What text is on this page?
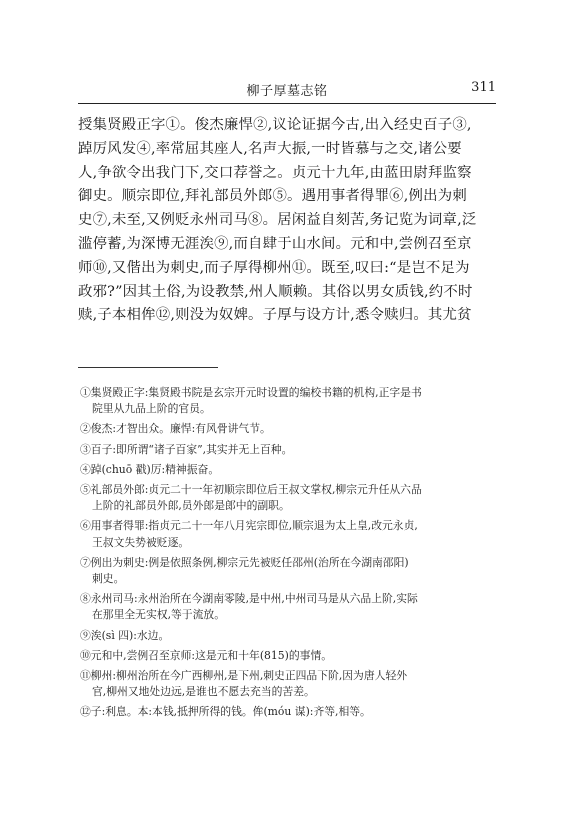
柳子厚墓志铭	311
授集贤殿正字①。俊杰廉悍②,议论证据今古,出入经史百子③,
踔厉风发④,率常屈其座人,名声大振,一时皆慕与之交,诸公要
人,争欲令出我门下,交口荐誉之。贞元十九年,由蓝田尉拜监察
御史。顺宗即位,拜礼部员外郎⑤。遇用事者得罪⑥,例出为刺
史⑦,未至,又例贬永州司马⑧。居闲益自刻苦,务记览为词章,泛
滥停蓄,为深博无涯涘⑨,而自肆于山水间。元和中,尝例召至京
师⑩,又偕出为刺史,而子厚得柳州⑪。既至,叹曰:“是岂不足为
政邪?”因其土俗,为设教禁,州人顺赖。其俗以男女质钱,约不时
赎,子本相侔⑫,则没为奴婢。子厚与设方计,悉令赎归。其尤贫
①集贤殿正字:集贤殿书院是玄宗开元时设置的编校书籍的机构,正字是书
院里从九品上阶的官员。
②俊杰:才智出众。廉悍:有风骨讲气节。
③百子:即所谓“诸子百家”,其实并无上百种。
④踔(chuō 戳)厉:精神振奋。
⑤礼部员外郎:贞元二十一年初顺宗即位后王叔文掌权,柳宗元升任从六品
上阶的礼部员外郎,员外郎是郎中的副职。
⑥用事者得罪:指贞元二十一年八月宪宗即位,顺宗退为太上皇,改元永贞,
王叔文失势被贬逐。
⑦例出为刺史:例是依照条例,柳宗元先被贬任邵州(治所在今湖南邵阳)
刺史。
⑧永州司马:永州治所在今湖南零陵,是中州,中州司马是从六品上阶,实际
在那里全无实权,等于流放。
⑨涘(sì 四):水边。
⑩元和中,尝例召至京师:这是元和十年(815)的事情。
⑪柳州:柳州治所在今广西柳州,是下州,刺史正四品下阶,因为唐人轻外
官,柳州又地处边远,是谁也不愿去充当的苦差。
⑫子:利息。本:本钱,抵押所得的钱。侔(móu 谋):齐等,相等。
